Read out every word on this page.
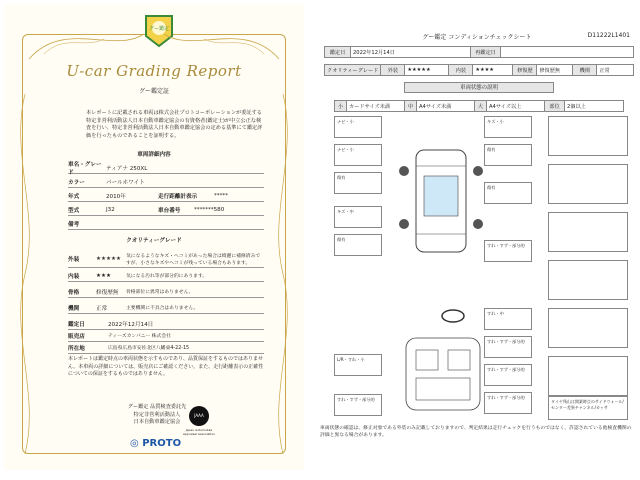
グー鑑定
U-car Grading Report
グー鑑定証
本レポートに記載される車両は株式会社プロトコーポレーションが委託する特定非営利活動法人日本自動車鑑定協会の有資格者(鑑定士)が中立公正な検査を行い、特定非営利活動法人日本自動車鑑定協会の定める基準にて鑑定評価を行ったものであることを証明する。
車両詳細内容
車名・グレード
ティアナ 250XL
カラー	パールホワイト
年式	2010年	走行距離計表示	*****
型式	J32	車台番号	*******580
備考
クオリティーグレード
外装	★★★★★	気になるようなキズ・ヘコミがあった場合は綺麗に補修済みですが、小さなキズやヘコミが残っている場合もあります。
内装	★★★	気になる汚れ等が部分的にあります。
骨格	修復歴無	骨格部位に異常はありません。
機関	正常	主要機関に不具合はありません。
鑑定日	2022年12月14日
販売店	ティーズカンパニー 株式会社
所在地	広島県広島市安佐北区八幡東4-22-15
本レポートは鑑定時点の車両状態を示すものであり、品質保証をするものではありません。本車両の詳細については、販売店にご確認ください。また、走行距離表示の正確性についての保証をするものではありません。
グー鑑定 品質検査委託先
特定非営利活動法人
日本自動車鑑定協会
JAAA
Japan Automobile Appraisal Association
◎ PROTO
グー鑑定 コンディションチェックシート	D11222L1401
鑑定日	2022年12月14日	再鑑定日	
クオリティーグレード	外装	★★★★★	内装	★★★★	修復歴	修復歴無	機関	正常
車両状態の説明
小	カードサイズ未満	中	A4サイズ未満	大	A4サイズ以上	部位	2個以上
ナビ・小
ナビ・小
傷有
キズ・中
傷有
キズ・小
傷有
傷有
すれ・すず・部分的
すれ・中
すれ・すず・部分的
L/R・すれ・小
すれ・すず・部分的
すれ・すず・部分的
すれ・すず・部分的	タイヤ残山は開業時点のサイドウォール/センター差異チャンネル/カッサ
車両状態の確認は、修正対象である外装のみ記載しておりますので、判定結果は走行チェックを行うものではなく、許認されている他検査機関の評価と異なる場合があります。
